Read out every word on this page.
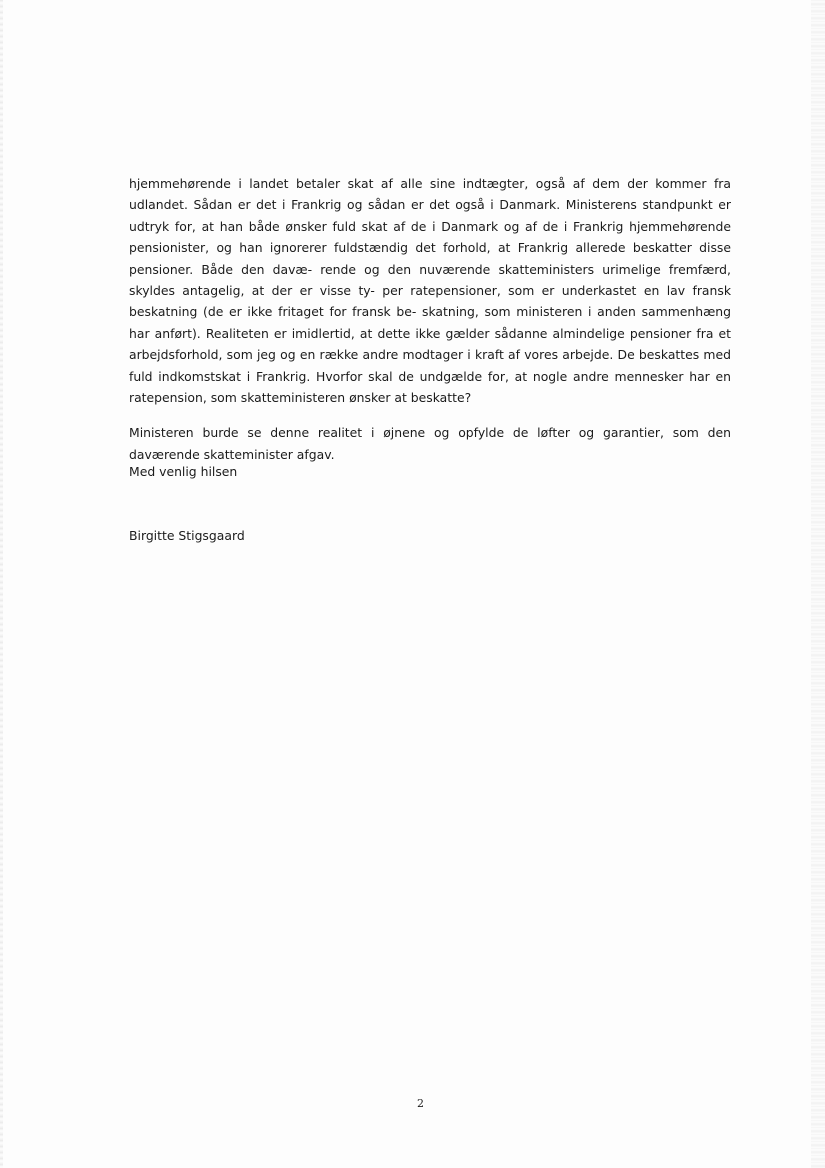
hjemmehørende i landet betaler skat af alle sine indtægter, også af dem der kommer fra udlandet. Sådan er det i Frankrig og sådan er det også i Danmark. Ministerens standpunkt er udtryk for, at han både ønsker fuld skat af de i Danmark og af de i Frankrig hjemmehørende pensionister, og han ignorerer fuldstændig det forhold, at Frankrig allerede beskatter disse pensioner. Både den davæ- rende og den nuværende skatteministers urimelige fremfærd, skyldes antagelig, at der er visse ty- per ratepensioner, som er underkastet en lav fransk beskatning (de er ikke fritaget for fransk be- skatning, som ministeren i anden sammenhæng har anført). Realiteten er imidlertid, at dette ikke gælder sådanne almindelige pensioner fra et arbejdsforhold, som jeg og en række andre modtager i kraft af vores arbejde. De beskattes med fuld indkomstskat i Frankrig. Hvorfor skal de undgælde for, at nogle andre mennesker har en ratepension, som skatteministeren ønsker at beskatte?

Ministeren burde se denne realitet i øjnene og opfylde de løfter og garantier, som den daværende skatteminister afgav.

Med venlig hilsen
Birgitte Stigsgaard
2
